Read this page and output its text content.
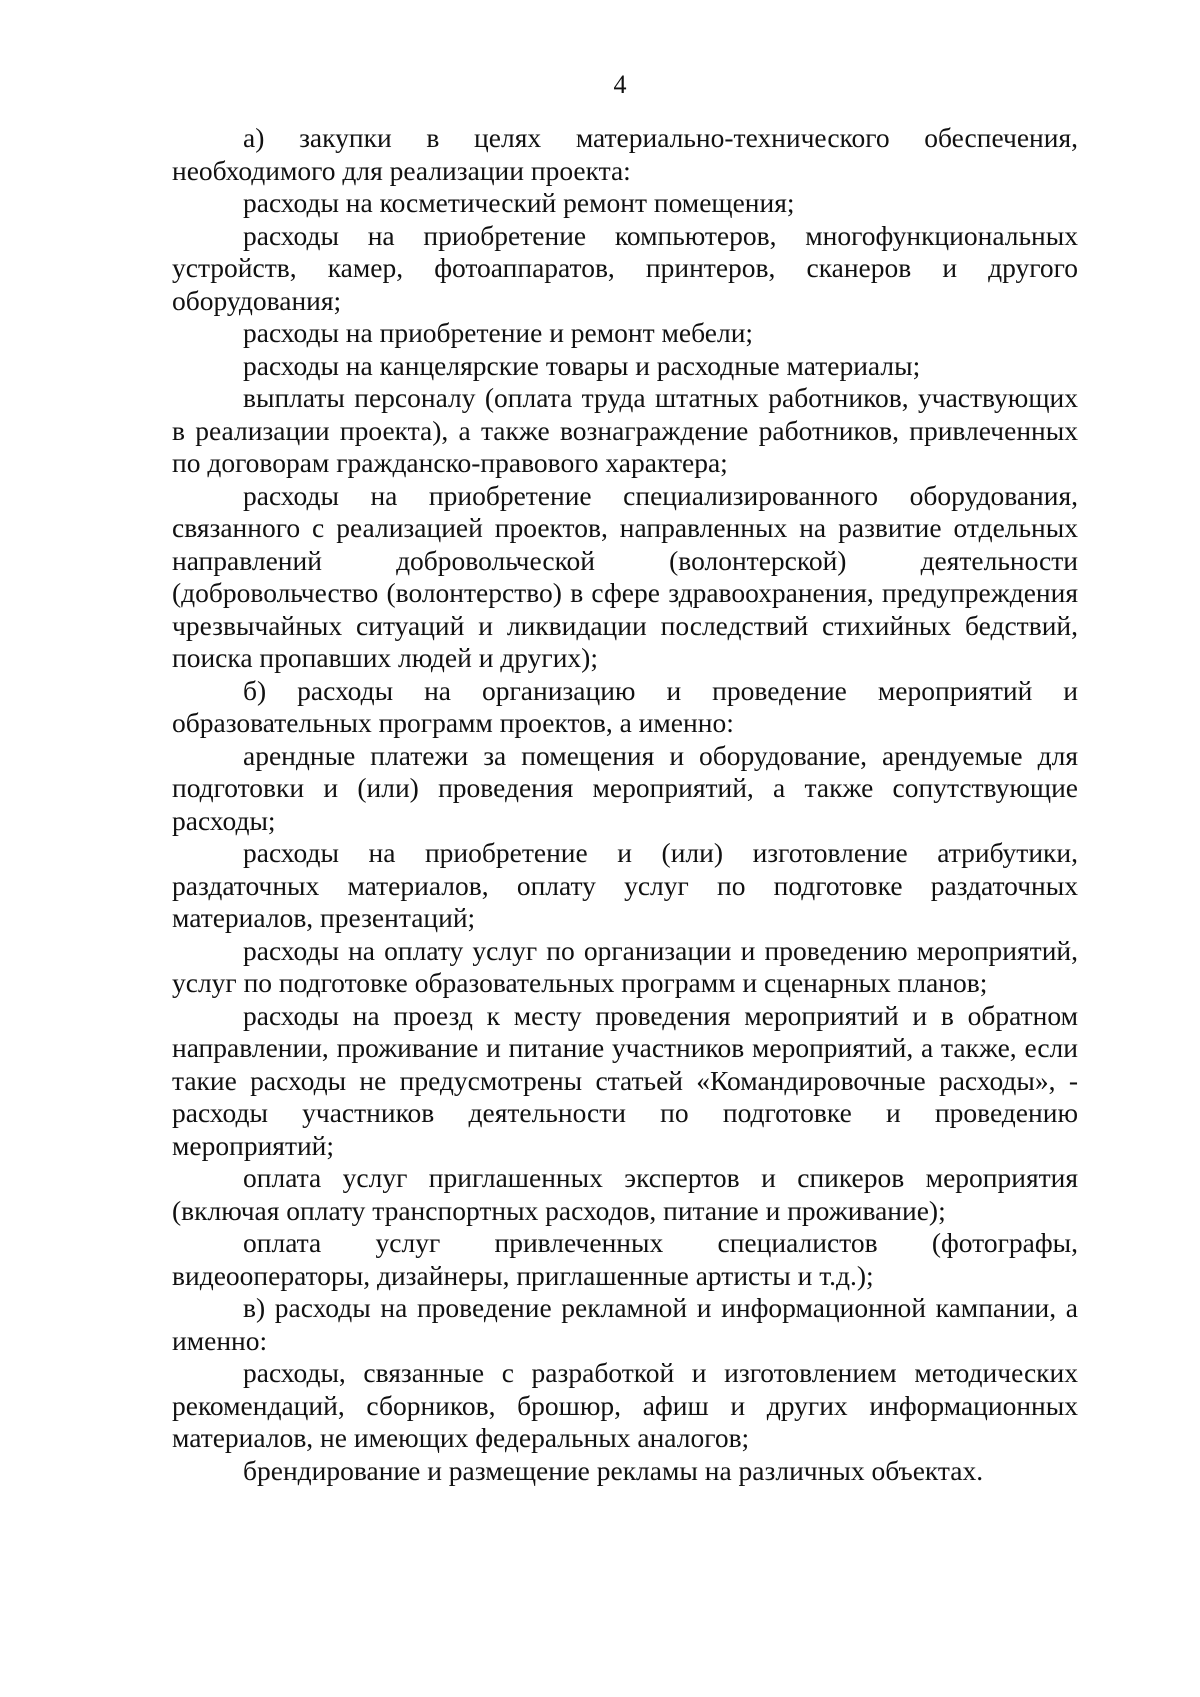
4

а) закупки в целях материально-технического обеспечения, необходимого для реализации проекта:

расходы на косметический ремонт помещения;

расходы на приобретение компьютеров, многофункциональных устройств, камер, фотоаппаратов, принтеров, сканеров и другого оборудования;

расходы на приобретение и ремонт мебели;

расходы на канцелярские товары и расходные материалы;

выплаты персоналу (оплата труда штатных работников, участвующих в реализации проекта), а также вознаграждение работников, привлеченных по договорам гражданско-правового характера;

расходы на приобретение специализированного оборудования, связанного с реализацией проектов, направленных на развитие отдельных направлений добровольческой (волонтерской) деятельности (добровольчество (волонтерство) в сфере здравоохранения, предупреждения чрезвычайных ситуаций и ликвидации последствий стихийных бедствий, поиска пропавших людей и других);

б) расходы на организацию и проведение мероприятий и образовательных программ проектов, а именно:

арендные платежи за помещения и оборудование, арендуемые для подготовки и (или) проведения мероприятий, а также сопутствующие расходы;

расходы на приобретение и (или) изготовление атрибутики, раздаточных материалов, оплату услуг по подготовке раздаточных материалов, презентаций;

расходы на оплату услуг по организации и проведению мероприятий, услуг по подготовке образовательных программ и сценарных планов;

расходы на проезд к месту проведения мероприятий и в обратном направлении, проживание и питание участников мероприятий, а также, если такие расходы не предусмотрены статьей «Командировочные расходы», - расходы участников деятельности по подготовке и проведению мероприятий;

оплата услуг приглашенных экспертов и спикеров мероприятия (включая оплату транспортных расходов, питание и проживание);

оплата услуг привлеченных специалистов (фотографы, видеооператоры, дизайнеры, приглашенные артисты и т.д.);

в) расходы на проведение рекламной и информационной кампании, а именно:

расходы, связанные с разработкой и изготовлением методических рекомендаций, сборников, брошюр, афиш и других информационных материалов, не имеющих федеральных аналогов;

брендирование и размещение рекламы на различных объектах.
